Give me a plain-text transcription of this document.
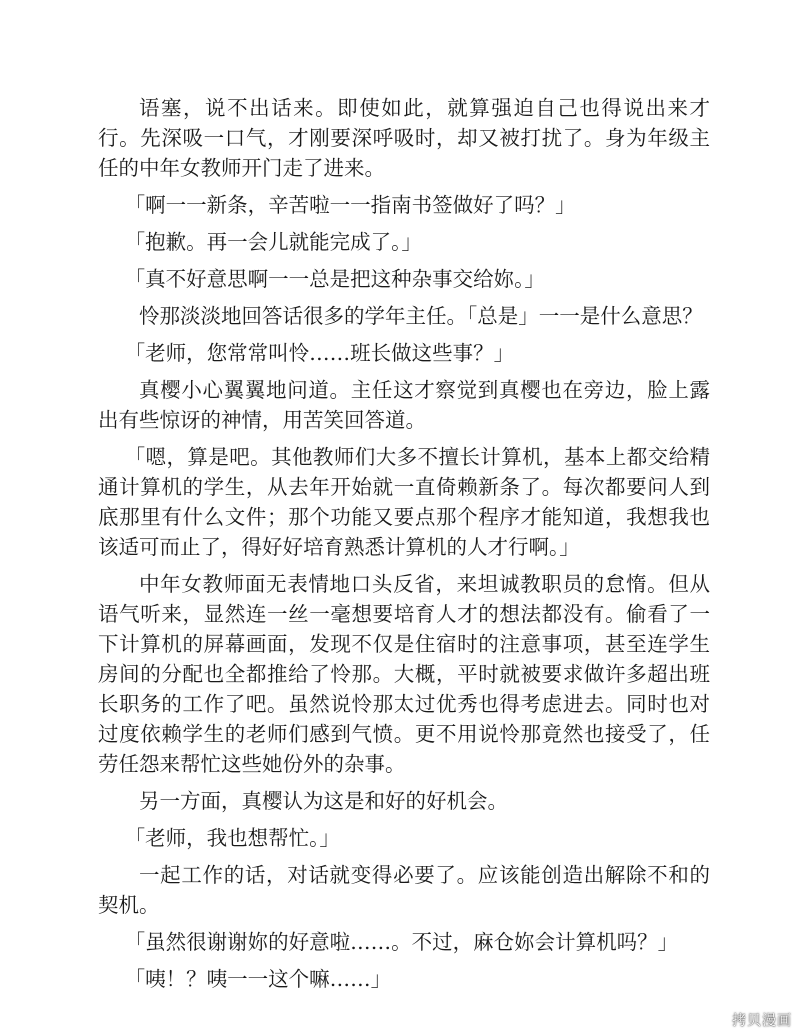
语塞，说不出话来。即使如此，就算强迫自己也得说出来才行。先深吸一口气，才刚要深呼吸时，却又被打扰了。身为年级主任的中年女教师开门走了进来。

「啊一一新条，辛苦啦一一指南书签做好了吗？」

「抱歉。再一会儿就能完成了。」

「真不好意思啊一一总是把这种杂事交给妳。」

怜那淡淡地回答话很多的学年主任。「总是」一一是什么意思？

「老师，您常常叫怜……班长做这些事？」

真樱小心翼翼地问道。主任这才察觉到真樱也在旁边，脸上露出有些惊讶的神情，用苦笑回答道。

「嗯，算是吧。其他教师们大多不擅长计算机，基本上都交给精通计算机的学生，从去年开始就一直倚赖新条了。每次都要问人到底那里有什么文件；那个功能又要点那个程序才能知道，我想我也该适可而止了，得好好培育熟悉计算机的人才行啊。」

中年女教师面无表情地口头反省，来坦诚教职员的怠惰。但从语气听来，显然连一丝一毫想要培育人才的想法都没有。偷看了一下计算机的屏幕画面，发现不仅是住宿时的注意事项，甚至连学生房间的分配也全都推给了怜那。大概，平时就被要求做许多超出班长职务的工作了吧。虽然说怜那太过优秀也得考虑进去。同时也对过度依赖学生的老师们感到气愤。更不用说怜那竟然也接受了，任劳任怨来帮忙这些她份外的杂事。

另一方面，真樱认为这是和好的好机会。

「老师，我也想帮忙。」

一起工作的话，对话就变得必要了。应该能创造出解除不和的契机。

「虽然很谢谢妳的好意啦……。不过，麻仓妳会计算机吗？」

「咦！？咦一一这个嘛……」

拷贝漫画
